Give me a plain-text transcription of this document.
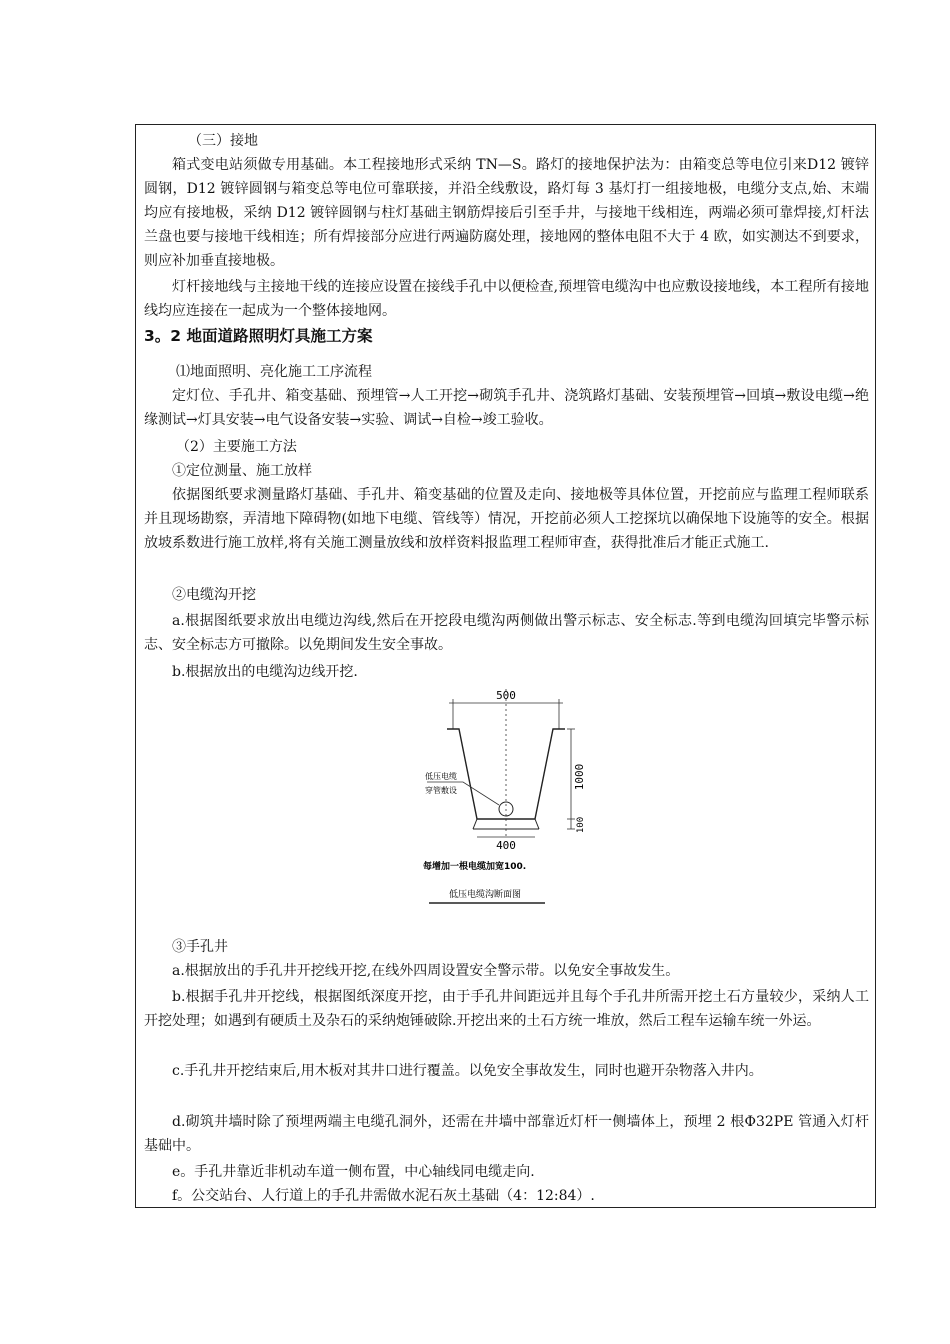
（三）接地
箱式变电站须做专用基础。本工程接地形式采纳 TN—S。路灯的接地保护法为：由箱变总等电位引来D12 镀锌圆钢，D12 镀锌圆钢与箱变总等电位可靠联接，并沿全线敷设，路灯每 3 基灯打一组接地极，电缆分支点,始、末端均应有接地极，采纳 D12 镀锌圆钢与柱灯基础主钢筋焊接后引至手井，与接地干线相连，两端必须可靠焊接,灯杆法兰盘也要与接地干线相连；所有焊接部分应进行两遍防腐处理，接地网的整体电阻不大于 4 欧，如实测达不到要求，则应补加垂直接地极。
灯杆接地线与主接地干线的连接应设置在接线手孔中以便检查,预埋管电缆沟中也应敷设接地线，本工程所有接地线均应连接在一起成为一个整体接地网。
3。2 地面道路照明灯具施工方案
⑴地面照明、亮化施工工序流程
定灯位、手孔井、箱变基础、预埋管→人工开挖→砌筑手孔井、浇筑路灯基础、安装预埋管→回填→敷设电缆→绝缘测试→灯具安装→电气设备安装→实验、调试→自检→竣工验收。
（2）主要施工方法
①定位测量、施工放样
依据图纸要求测量路灯基础、手孔井、箱变基础的位置及走向、接地极等具体位置，开挖前应与监理工程师联系并且现场勘察，弄清地下障碍物(如地下电缆、管线等）情况，开挖前必须人工挖探坑以确保地下设施等的安全。根据放坡系数进行施工放样,将有关施工测量放线和放样资料报监理工程师审查，获得批准后才能正式施工.
②电缆沟开挖
a.根据图纸要求放出电缆边沟线,然后在开挖段电缆沟两侧做出警示标志、安全标志.等到电缆沟回填完毕警示标志、安全标志方可撤除。以免期间发生安全事故。
b.根据放出的电缆沟边线开挖.
500
1000
100
400
低压电缆
穿管敷设
每增加一根电缆加宽100.
低压电缆沟断面图
③手孔井
a.根据放出的手孔井开挖线开挖,在线外四周设置安全警示带。以免安全事故发生。
b.根据手孔井开挖线，根据图纸深度开挖，由于手孔井间距远并且每个手孔井所需开挖土石方量较少，采纳人工开挖处理；如遇到有硬质土及杂石的采纳炮锤破除.开挖出来的土石方统一堆放，然后工程车运输车统一外运。
c.手孔井开挖结束后,用木板对其井口进行覆盖。以免安全事故发生，同时也避开杂物落入井内。
d.砌筑井墙时除了预埋两端主电缆孔洞外，还需在井墙中部靠近灯杆一侧墙体上，预埋 2 根Φ32PE 管通入灯杆基础中。
e。手孔井靠近非机动车道一侧布置，中心轴线同电缆走向.
f。公交站台、人行道上的手孔井需做水泥石灰土基础（4：12:84）.
